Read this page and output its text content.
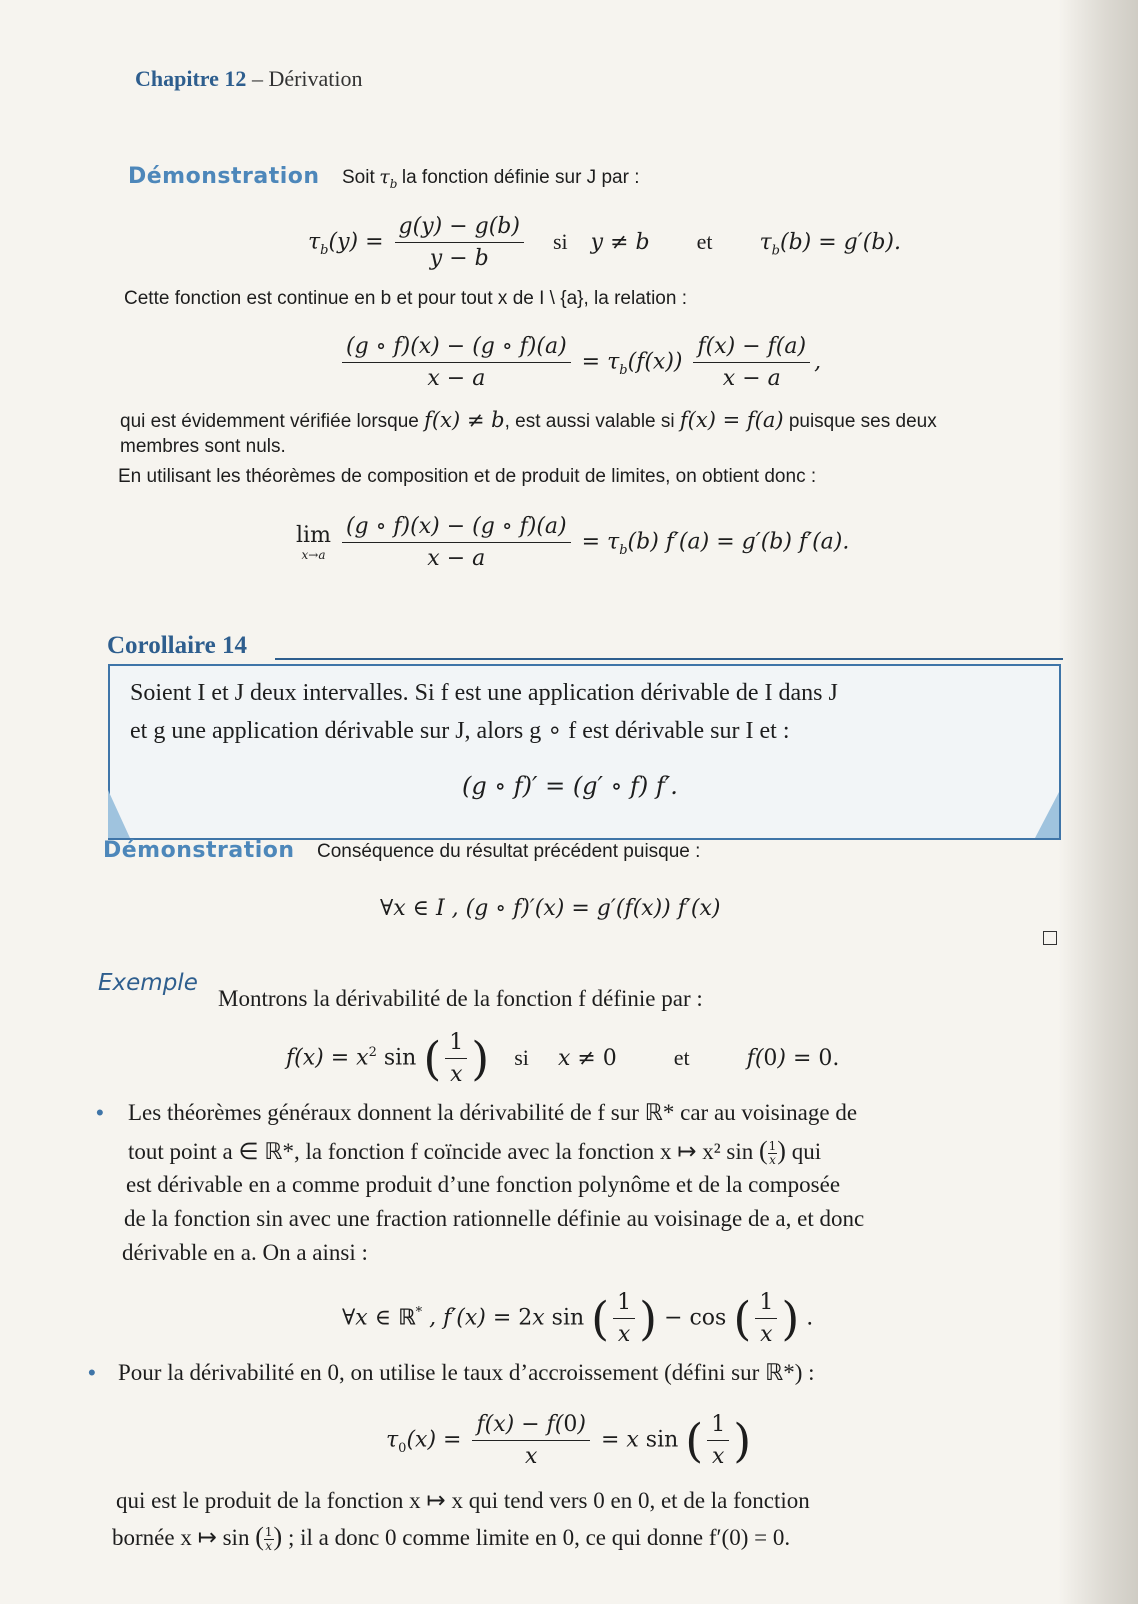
Chapitre 12 – Dérivation
Démonstration Soit $\tau_b$ la fonction définie sur J par :
$\tau_b(y) = \frac{g(y) - g(b)}{y - b}$ si y ≠ b et $\tau_b(b) = g'(b)$.
Cette fonction est continue en b et pour tout x de I \ {a}, la relation :
$\frac{(g \circ f)(x) - (g \circ f)(a)}{x - a} = \tau_b(f(x)) \frac{f(x) - f(a)}{x - a}$ ,
qui est évidemment vérifiée lorsque f(x) ≠ b, est aussi valable si f(x) = f(a) puisque ses deux
membres sont nuls.
En utilisant les théorèmes de composition et de produit de limites, on obtient donc :
lim
x→a
$\frac{(g \circ f)(x) - (g \circ f)(a)}{x - a} = \tau_b(b) f'(a) = g'(b)$ f′(a).
Corollaire 14
Soient I et J deux intervalles. Si f est une application dérivable de I dans J
et g une application dérivable sur J, alors g ∘ f est dérivable sur I et :
(g ∘ f)′ = (g′ ∘ f) f′.
Démonstration Conséquence du résultat précédent puisque :
∀x ∈ I , (g ∘ f)′(x) = g′(f(x)) f′(x)
Exemple
Montrons la dérivabilité de la fonction f définie par :
$f(x) = x^2$ sin ( $\frac{1}{x}$ ) si x ≠ 0	et	f(0) = 0.
• Les théorèmes généraux donnent la dérivabilité de f sur ℝ* car au voisinage de
tout point a ∈ ℝ*, la fonction f coïncide avec la fonction x ↦ x² sin ( $\frac{1}{x}$ ) qui
est dérivable en a comme produit d’une fonction polynôme et de la composée
de la fonction sin avec une fraction rationnelle définie au voisinage de a, et donc
dérivable en a. On a ainsi :
∀x ∈ ℝ* , f′(x) = 2x sin ( $\frac{1}{x}$ ) − cos ( $\frac{1}{x}$ ) .
• Pour la dérivabilité en 0, on utilise le taux d’accroissement (défini sur ℝ*) :
$\tau_0(x) = \frac{f(x) - f(0)}{x} = x$ sin ( $\frac{1}{x}$ )
qui est le produit de la fonction x ↦ x qui tend vers 0 en 0, et de la fonction
bornée x ↦ sin ( $\frac{1}{x}$ ) ; il a donc 0 comme limite en 0, ce qui donne f′(0) = 0.
